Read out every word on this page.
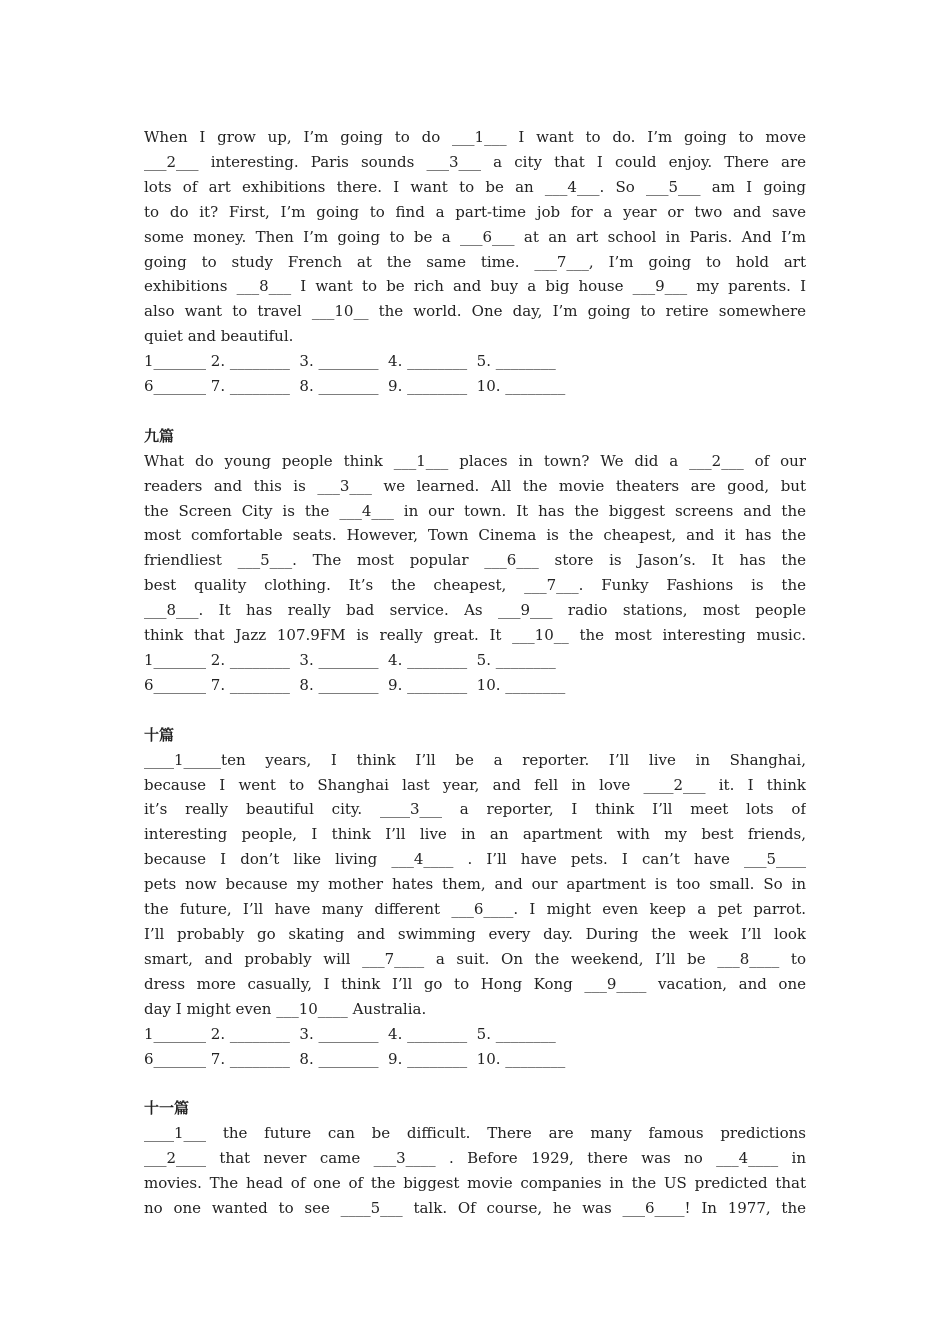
When I grow up, I’m going to do ___1___ I want to do. I’m going to move
___2___ interesting. Paris sounds ___3___ a city that I could enjoy. There are
lots of art exhibitions there. I want to be an ___4___. So ___5___ am I going
to do it? First, I’m going to find a part-time job for a year or two and save
some money. Then I’m going to be a ___6___ at an art school in Paris. And I’m
going to study French at the same time. ___7___, I’m going to hold art
exhibitions ___8___ I want to be rich and buy a big house ___9___ my parents. I
also want to travel ___10__ the world. One day, I’m going to retire somewhere
quiet and beautiful.
1_______ 2. ________  3. ________  4. ________  5. ________
6_______ 7. ________  8. ________  9. ________  10. ________
九篇
What do young people think ___1___ places in town? We did a ___2___ of our
readers and this is ___3___ we learned. All the movie theaters are good, but
the Screen City is the ___4___ in our town. It has the biggest screens and the
most comfortable seats. However, Town Cinema is the cheapest, and it has the
friendliest ___5___. The most popular ___6___ store is Jason’s. It has the
best quality clothing. It’s the cheapest, ___7___. Funky Fashions is the
___8___. It has really bad service. As ___9___ radio stations, most people
think that Jazz 107.9FM is really great. It ___10__ the most interesting music.
1_______ 2. ________  3. ________  4. ________  5. ________
6_______ 7. ________  8. ________  9. ________  10. ________
十篇
____1_____ten years, I think I’ll be a reporter. I’ll live in Shanghai,
because I went to Shanghai last year, and fell in love ____2___ it. I think
it’s really beautiful city. ____3___ a reporter, I think I’ll meet lots of
interesting people, I think I’ll live in an apartment with my best friends,
because I don’t like living ___4____ . I’ll have pets. I can’t have ___5____
pets now because my mother hates them, and our apartment is too small. So in
the future, I’ll have many different ___6____. I might even keep a pet parrot.
I’ll probably go skating and swimming every day. During the week I’ll look
smart, and probably will ___7____ a suit. On the weekend, I’ll be ___8____ to
dress more casually, I think I’ll go to Hong Kong ___9____ vacation, and one
day I might even ___10____ Australia.
1_______ 2. ________  3. ________  4. ________  5. ________
6_______ 7. ________  8. ________  9. ________  10. ________
十一篇
____1___ the future can be difficult. There are many famous predictions
___2____ that never came ___3____ . Before 1929, there was no ___4____ in
movies. The head of one of the biggest movie companies in the US predicted that
no one wanted to see ____5___ talk. Of course, he was ___6____! In 1977, the
